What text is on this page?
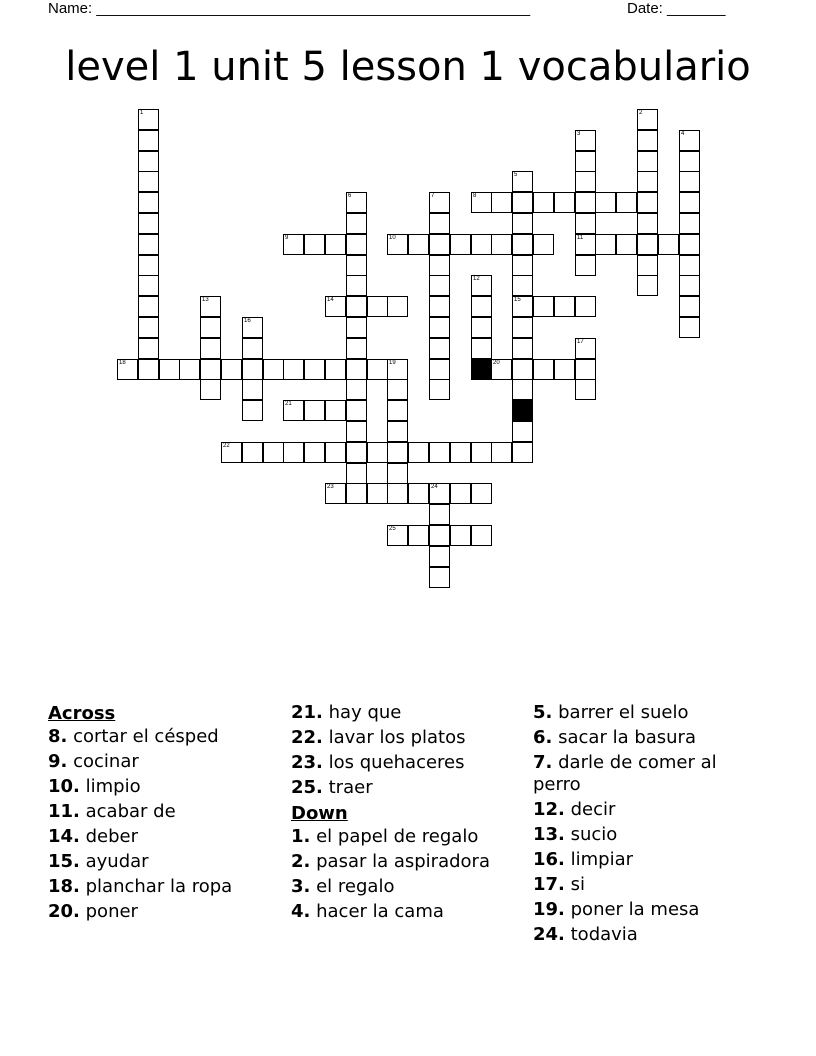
Name: ____________________________________________________	Date: _______
level 1 unit 5 lesson 1 vocabulario
1	2
3
11
4
5
15
6	7	8
9	10
12
13	14
16
17
18	19	20
21
22
23	24
25
Across
8. cortar el césped
9. cocinar
10. limpio
11. acabar de
14. deber
15. ayudar
18. planchar la ropa
20. poner
21. hay que
22. lavar los platos
23. los quehaceres
25. traer
Down
1. el papel de regalo
2. pasar la aspiradora
3. el regalo
4. hacer la cama
5. barrer el suelo
6. sacar la basura
7. darle de comer al perro
12. decir
13. sucio
16. limpiar
17. si
19. poner la mesa
24. todavia
